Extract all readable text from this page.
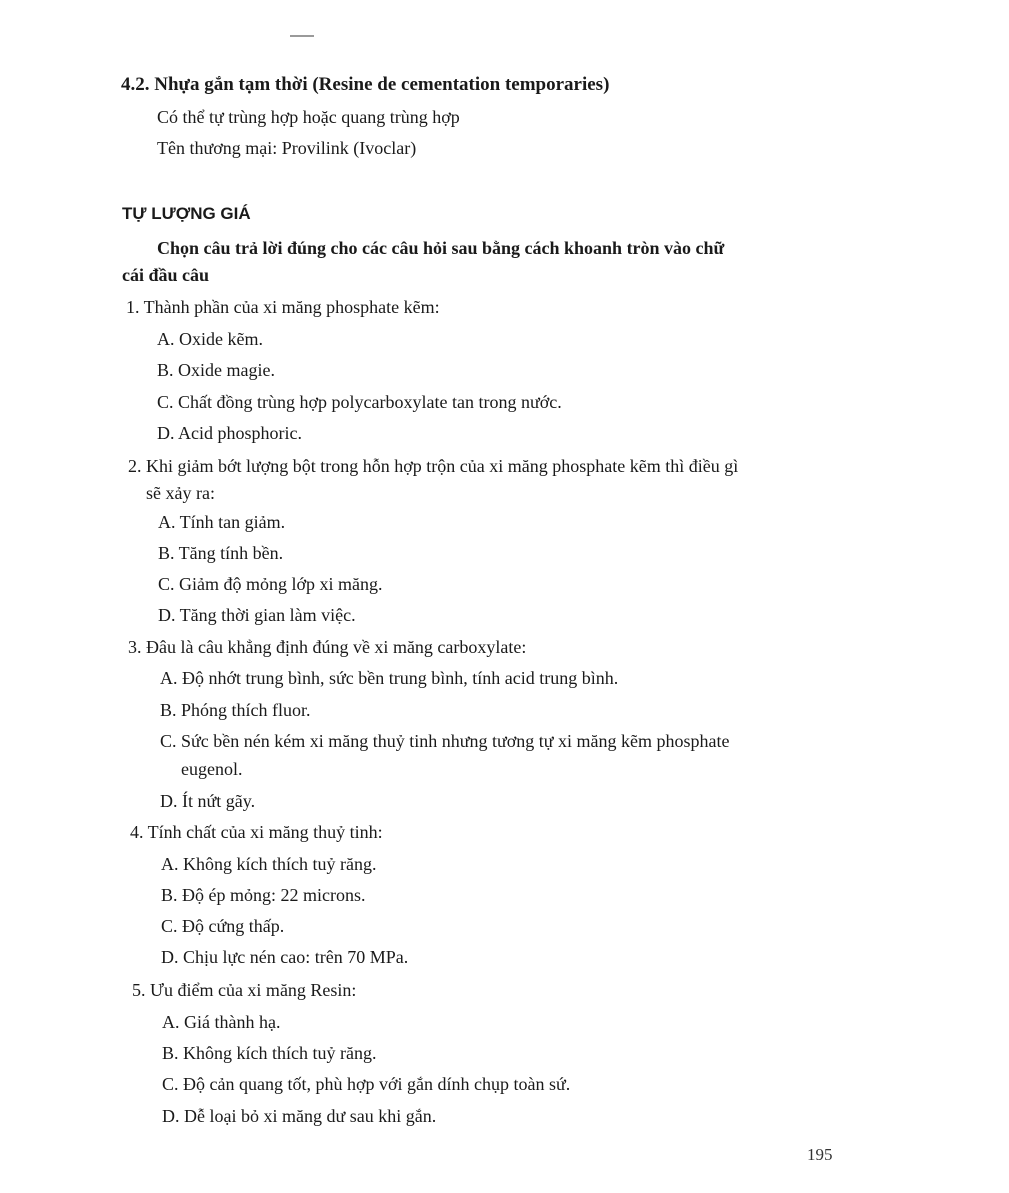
4.2. Nhựa gắn tạm thời (Resine de cementation temporaries)
Có thể tự trùng hợp hoặc quang trùng hợp
Tên thương mại: Provilink (Ivoclar)
TỰ LƯỢNG GIÁ
Chọn câu trả lời đúng cho các câu hỏi sau bằng cách khoanh tròn vào chữ
cái đầu câu
1. Thành phần của xi măng phosphate kẽm:
A. Oxide kẽm.
B. Oxide magie.
C. Chất đồng trùng hợp polycarboxylate tan trong nước.
D. Acid phosphoric.
2. Khi giảm bớt lượng bột trong hỗn hợp trộn của xi măng phosphate kẽm thì điều gì
sẽ xảy ra:
A. Tính tan giảm.
B. Tăng tính bền.
C. Giảm độ mỏng lớp xi măng.
D. Tăng thời gian làm việc.
3. Đâu là câu khẳng định đúng về xi măng carboxylate:
A. Độ nhớt trung bình, sức bền trung bình, tính acid trung bình.
B. Phóng thích fluor.
C. Sức bền nén kém xi măng thuỷ tinh nhưng tương tự xi măng kẽm phosphate
eugenol.
D. Ít nứt gãy.
4. Tính chất của xi măng thuỷ tinh:
A. Không kích thích tuỷ răng.
B. Độ ép mỏng: 22 microns.
C. Độ cứng thấp.
D. Chịu lực nén cao: trên 70 MPa.
5. Ưu điểm của xi măng Resin:
A. Giá thành hạ.
B. Không kích thích tuỷ răng.
C. Độ cản quang tốt, phù hợp với gắn dính chụp toàn sứ.
D. Dễ loại bỏ xi măng dư sau khi gắn.
195
